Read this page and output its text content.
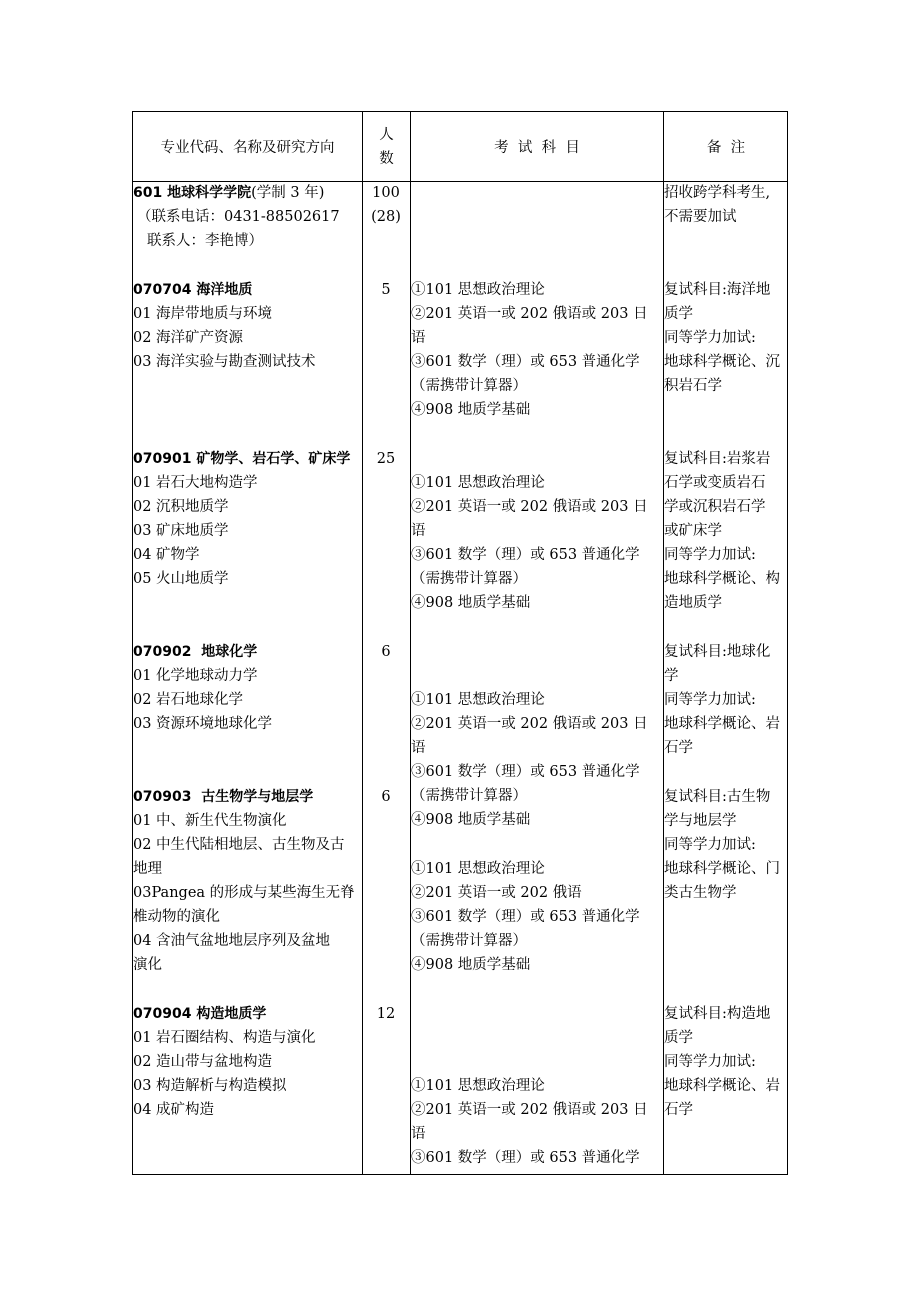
专业代码、名称及研究方向
人
数
考  试  科  目	备  注
601 地球科学学院(学制 3 年)
（联系电话：0431-88502617
联系人：李艳博）
100
(28)
招收跨学科考生,
不需要加试
070704 海洋地质
01 海岸带地质与环境
02 海洋矿产资源
03 海洋实验与勘查测试技术
5	①101 思想政治理论
②201 英语一或 202 俄语或 203 日
语
③601 数学（理）或 653 普通化学
（需携带计算器）
④908 地质学基础
复试科目:海洋地
质学
同等学力加试:
地球科学概论、沉
积岩石学
070901 矿物学、岩石学、矿床学
01 岩石大地构造学
02 沉积地质学
03 矿床地质学
04 矿物学
05 火山地质学
25
①101 思想政治理论
②201 英语一或 202 俄语或 203 日
语
③601 数学（理）或 653 普通化学
（需携带计算器）
④908 地质学基础
复试科目:岩浆岩
石学或变质岩石
学或沉积岩石学
或矿床学
同等学力加试:
地球科学概论、构
造地质学
070902  地球化学
01 化学地球动力学
02 岩石地球化学
03 资源环境地球化学
6
①101 思想政治理论
②201 英语一或 202 俄语或 203 日
语
③601 数学（理）或 653 普通化学
（需携带计算器）
④908 地质学基础
复试科目:地球化
学
同等学力加试:
地球科学概论、岩
石学
070903  古生物学与地层学
01 中、新生代生物演化
02 中生代陆相地层、古生物及古
地理
03Pangea 的形成与某些海生无脊
椎动物的演化
04 含油气盆地地层序列及盆地
演化
6
①101 思想政治理论
②201 英语一或 202 俄语
③601 数学（理）或 653 普通化学
（需携带计算器）
④908 地质学基础
复试科目:古生物
学与地层学
同等学力加试:
地球科学概论、门
类古生物学
070904 构造地质学
01 岩石圈结构、构造与演化
02 造山带与盆地构造
03 构造解析与构造模拟
04 成矿构造
12
①101 思想政治理论
②201 英语一或 202 俄语或 203 日
语
③601 数学（理）或 653 普通化学
复试科目:构造地
质学
同等学力加试:
地球科学概论、岩
石学
